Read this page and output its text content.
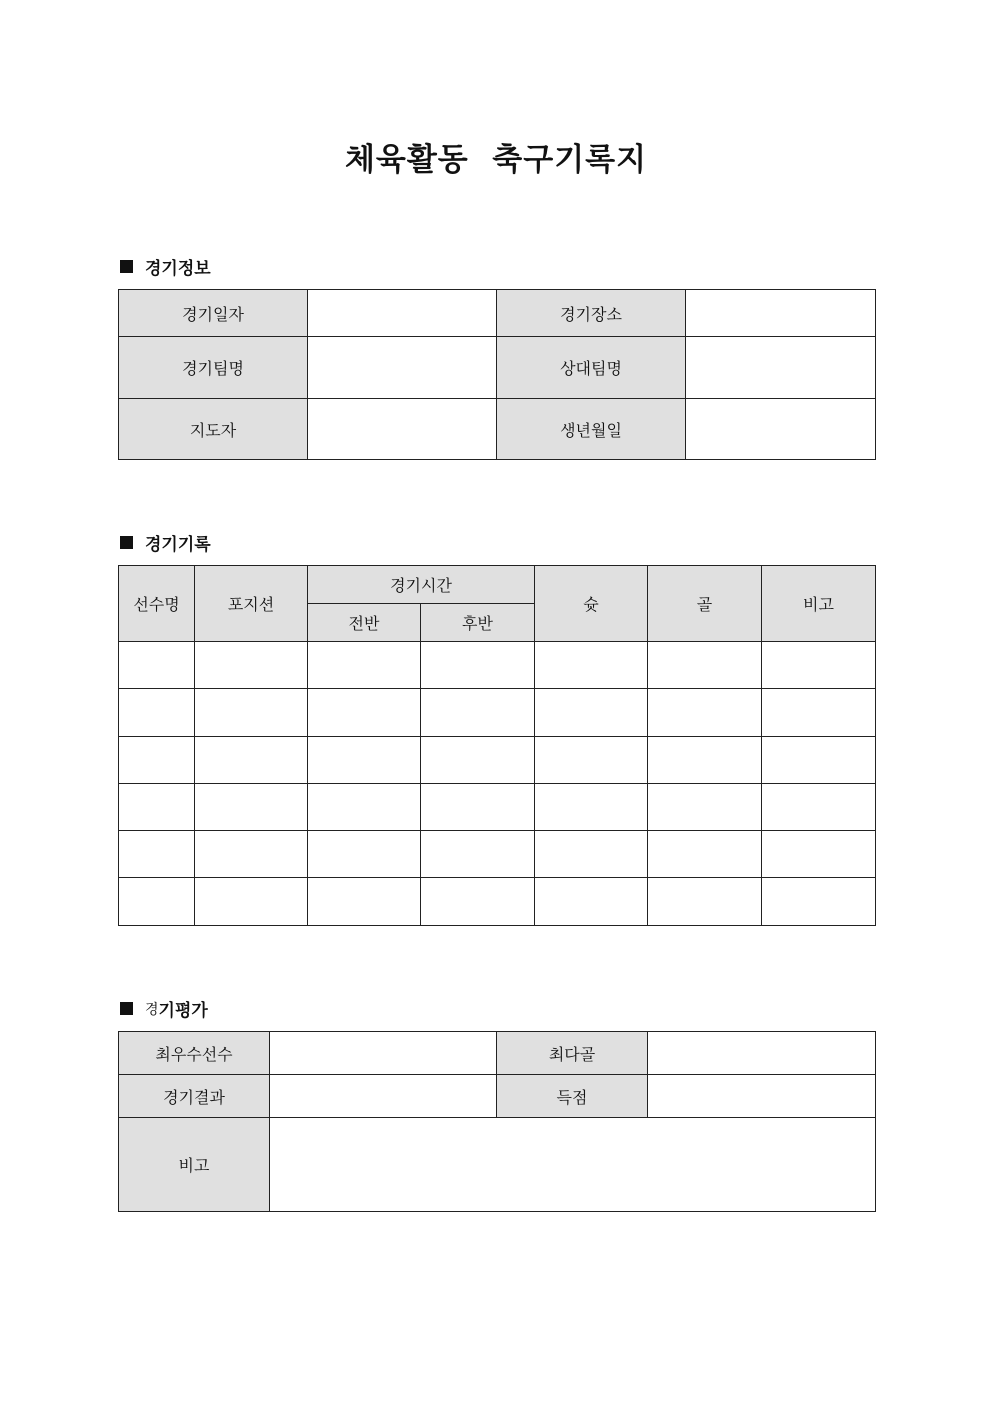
체육활동  축구기록지
경기정보
경기일자		경기장소	
경기팀명		상대팀명	
지도자		생년월일	
경기기록
선수명	포지션	경기시간		슛	골	비고
		전반	후반			

경 기평가
최우수선수		최다골	
경기결과		득점	
비고			
